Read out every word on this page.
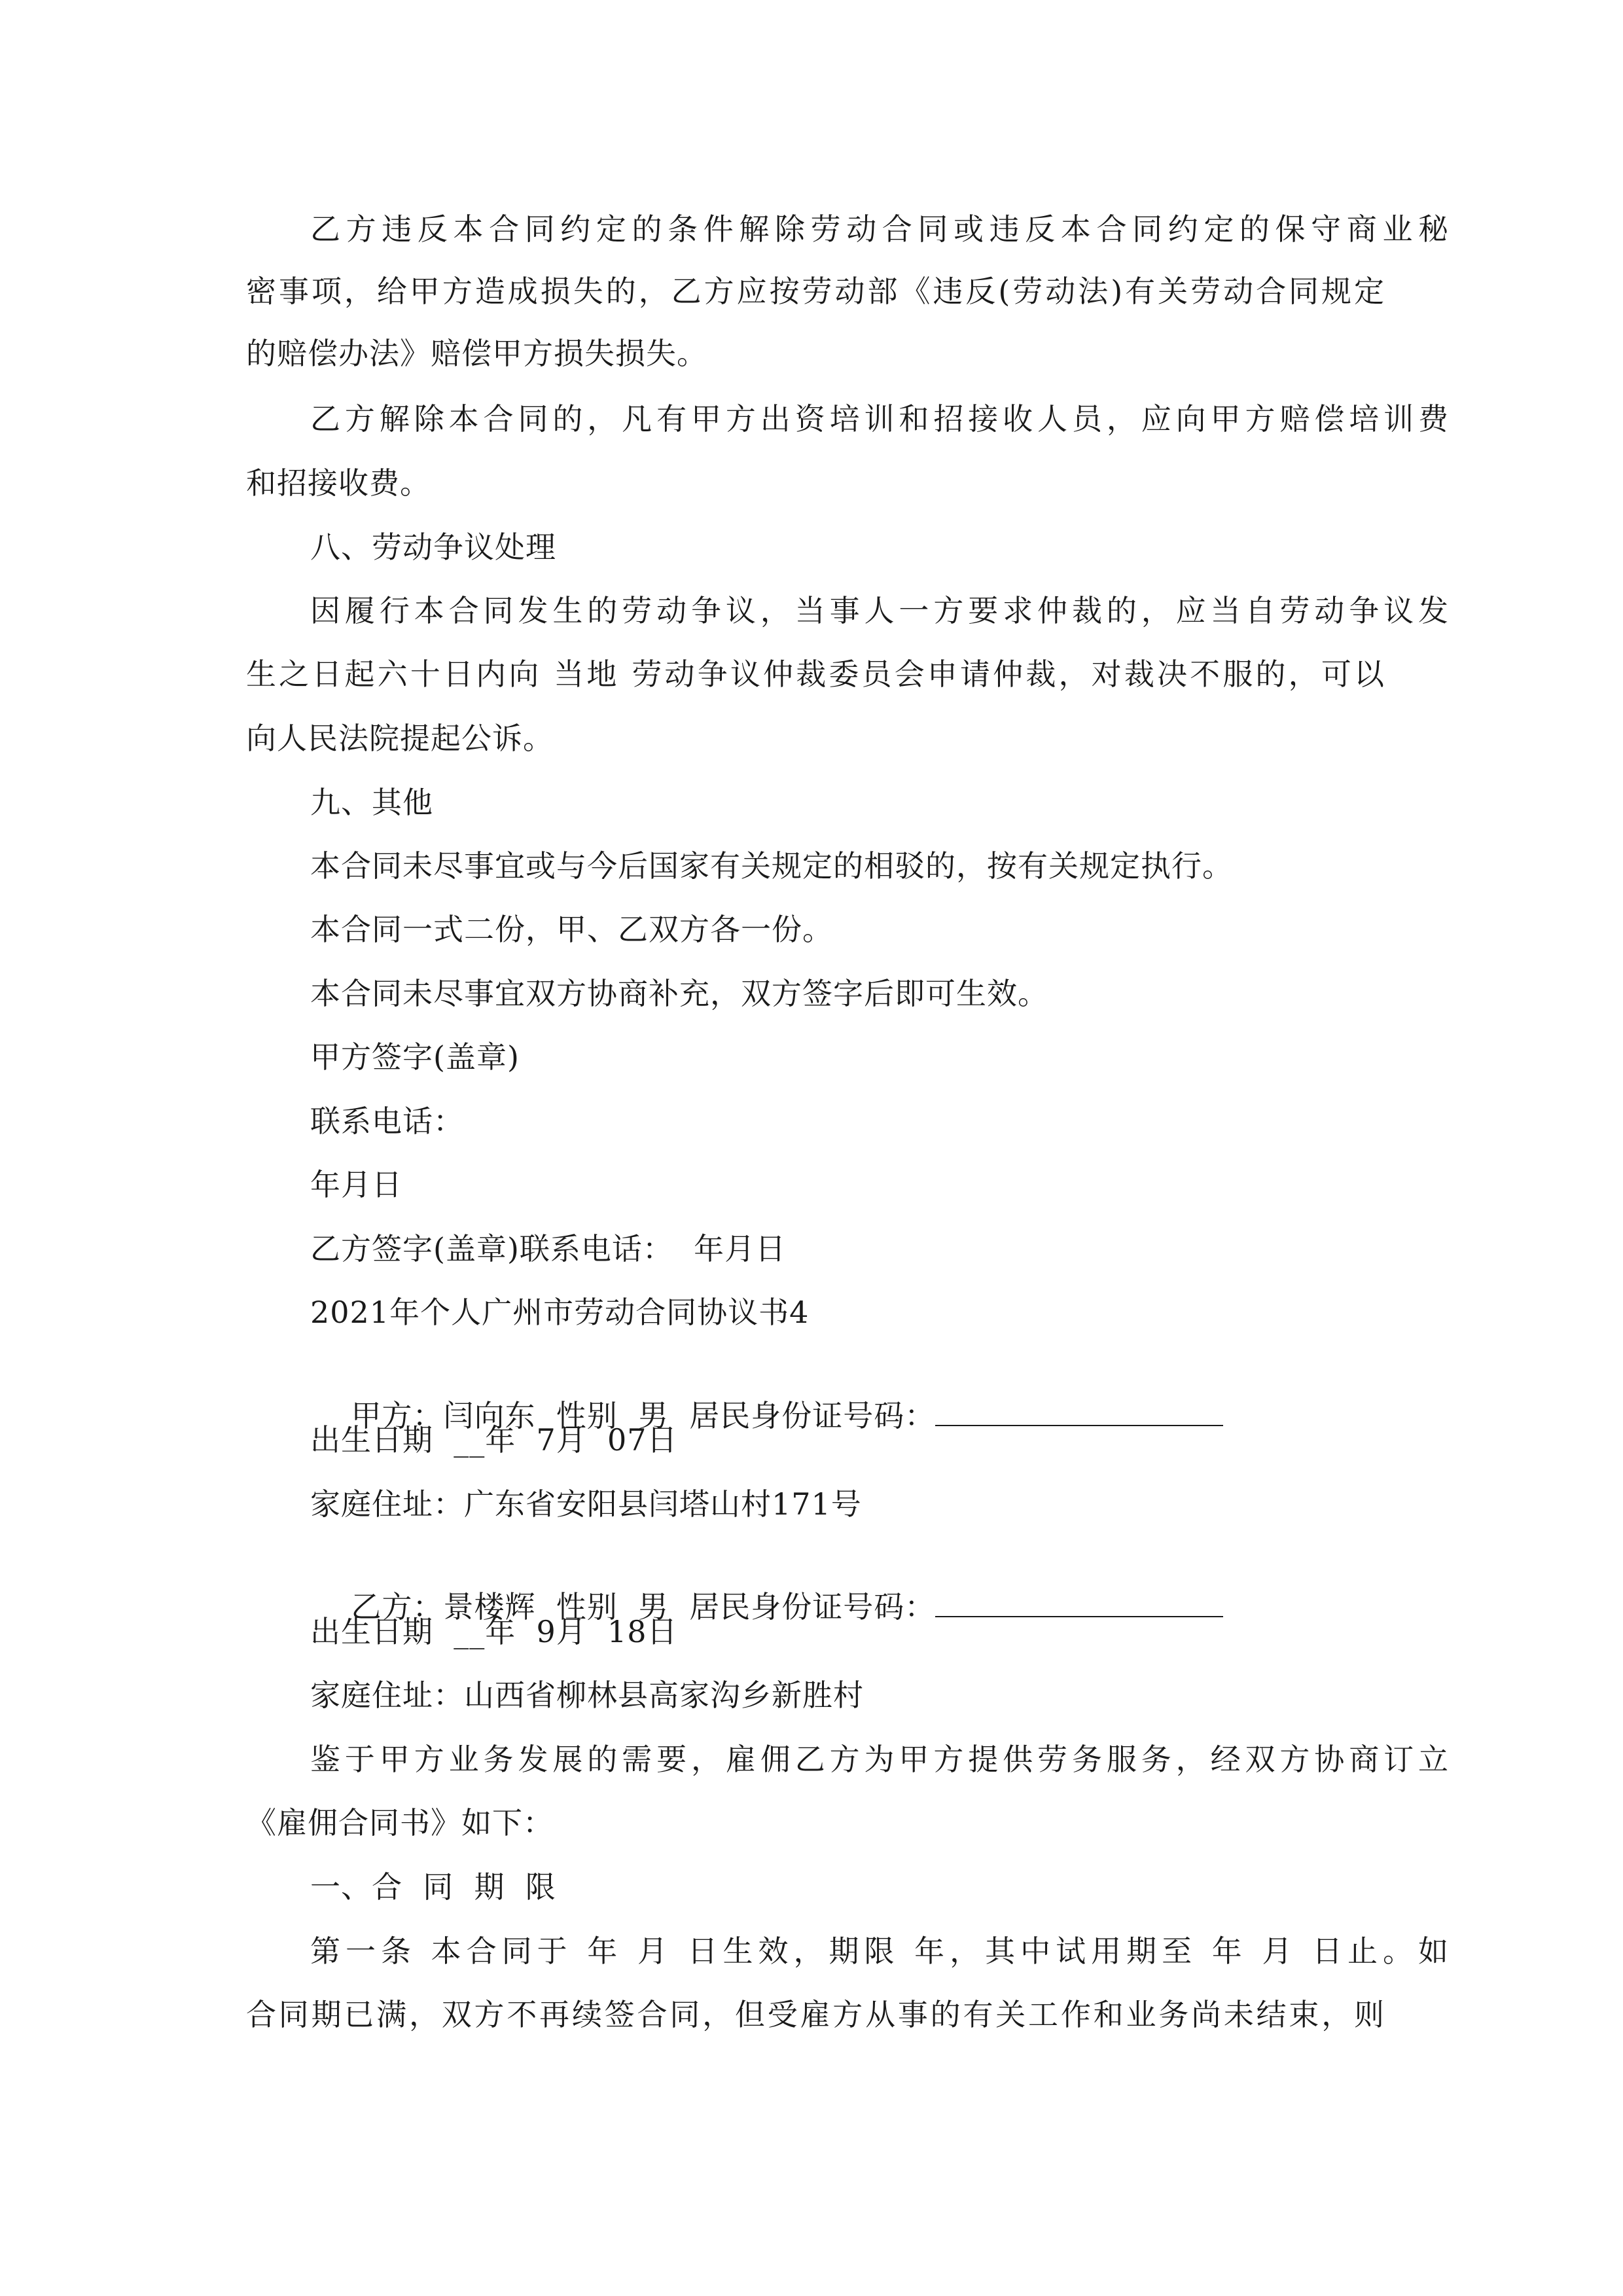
乙方违反本合同约定的条件解除劳动合同或违反本合同约定的保守商业秘
密事项，给甲方造成损失的，乙方应按劳动部《违反(劳动法)有关劳动合同规定
的赔偿办法》赔偿甲方损失损失。
乙方解除本合同的，凡有甲方出资培训和招接收人员，应向甲方赔偿培训费
和招接收费。
八、劳动争议处理
因履行本合同发生的劳动争议，当事人一方要求仲裁的，应当自劳动争议发
生之日起六十日内向 当地 劳动争议仲裁委员会申请仲裁，对裁决不服的，可以
向人民法院提起公诉。
九、其他
本合同未尽事宜或与今后国家有关规定的相驳的，按有关规定执行。
本合同一式二份，甲、乙双方各一份。
本合同未尽事宜双方协商补充，双方签字后即可生效。
甲方签字(盖章)
联系电话：
年月日
乙方签字(盖章)联系电话：  年月日
2021年个人广州市劳动合同协议书4

甲方：闫向东  性别  男  居民身份证号码：

出生日期  __年  7月  07日
家庭住址：广东省安阳县闫塔山村171号

乙方：景楼辉  性别  男  居民身份证号码：

出生日期  __年  9月  18日
家庭住址：山西省柳林县高家沟乡新胜村
鉴于甲方业务发展的需要，雇佣乙方为甲方提供劳务服务，经双方协商订立
《雇佣合同书》如下：
一、合  同  期  限
第一条 本合同于 年 月 日生效，期限 年，其中试用期至 年 月 日止。如
合同期已满，双方不再续签合同，但受雇方从事的有关工作和业务尚未结束，则
